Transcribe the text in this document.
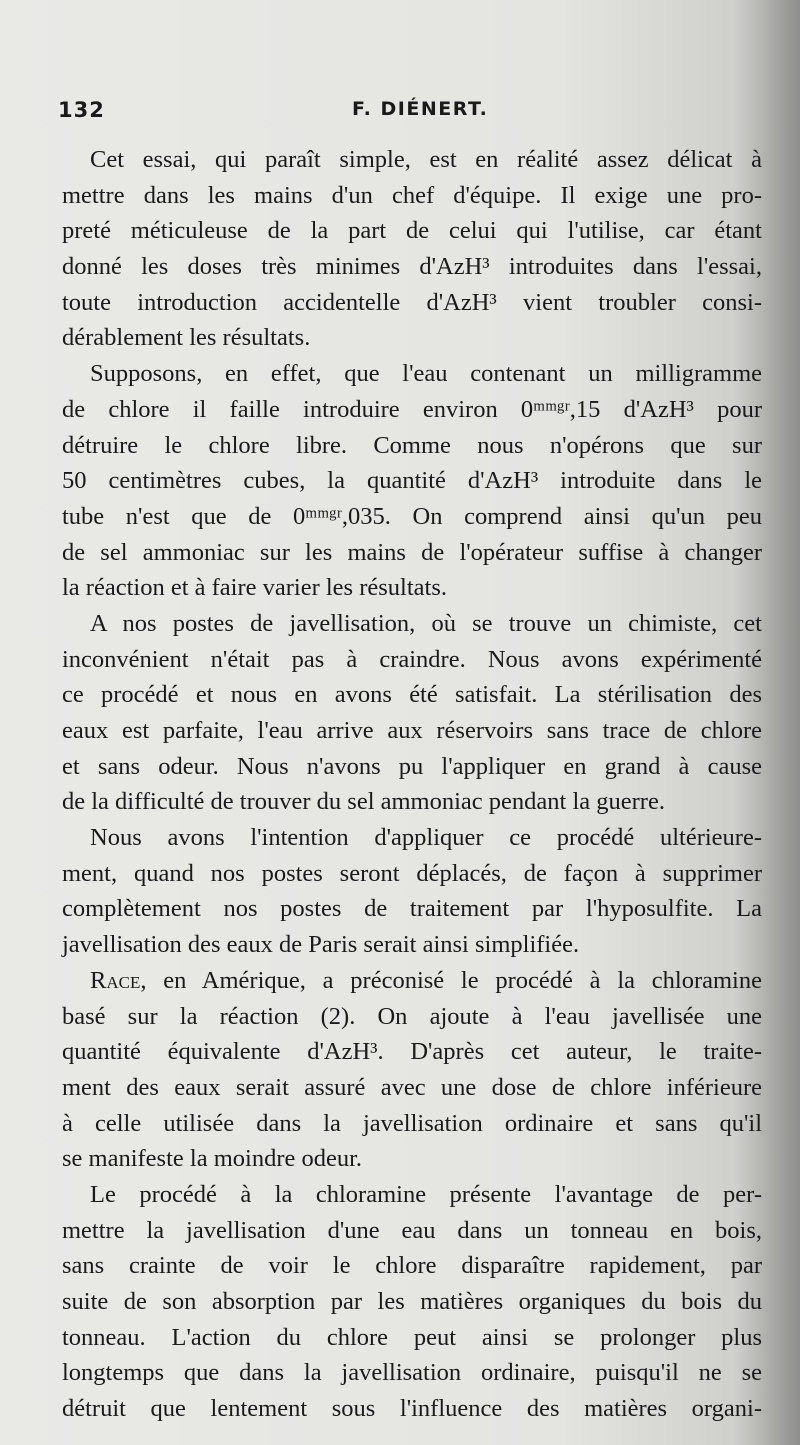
132	F. DIÉNERT.
Cet essai, qui paraît simple, est en réalité assez délicat à
mettre dans les mains d'un chef d'équipe. Il exige une pro-
preté méticuleuse de la part de celui qui l'utilise, car étant
donné les doses très minimes d'AzH³ introduites dans l'essai,
toute introduction accidentelle d'AzH³ vient troubler consi-
dérablement les résultats.
Supposons, en effet, que l'eau contenant un milligramme
de chlore il faille introduire environ 0ᵐᵐᵍʳ,15 d'AzH³ pour
détruire le chlore libre. Comme nous n'opérons que sur
50 centimètres cubes, la quantité d'AzH³ introduite dans le
tube n'est que de 0ᵐᵐᵍʳ,035. On comprend ainsi qu'un peu
de sel ammoniac sur les mains de l'opérateur suffise à changer
la réaction et à faire varier les résultats.
A nos postes de javellisation, où se trouve un chimiste, cet
inconvénient n'était pas à craindre. Nous avons expérimenté
ce procédé et nous en avons été satisfait. La stérilisation des
eaux est parfaite, l'eau arrive aux réservoirs sans trace de chlore
et sans odeur. Nous n'avons pu l'appliquer en grand à cause
de la difficulté de trouver du sel ammoniac pendant la guerre.
Nous avons l'intention d'appliquer ce procédé ultérieure-
ment, quand nos postes seront déplacés, de façon à supprimer
complètement nos postes de traitement par l'hyposulfite. La
javellisation des eaux de Paris serait ainsi simplifiée.
Race, en Amérique, a préconisé le procédé à la chloramine
basé sur la réaction (2). On ajoute à l'eau javellisée une
quantité équivalente d'AzH³. D'après cet auteur, le traite-
ment des eaux serait assuré avec une dose de chlore inférieure
à celle utilisée dans la javellisation ordinaire et sans qu'il
se manifeste la moindre odeur.
Le procédé à la chloramine présente l'avantage de per-
mettre la javellisation d'une eau dans un tonneau en bois,
sans crainte de voir le chlore disparaître rapidement, par
suite de son absorption par les matières organiques du bois du
tonneau. L'action du chlore peut ainsi se prolonger plus
longtemps que dans la javellisation ordinaire, puisqu'il ne se
détruit que lentement sous l'influence des matières organi-
